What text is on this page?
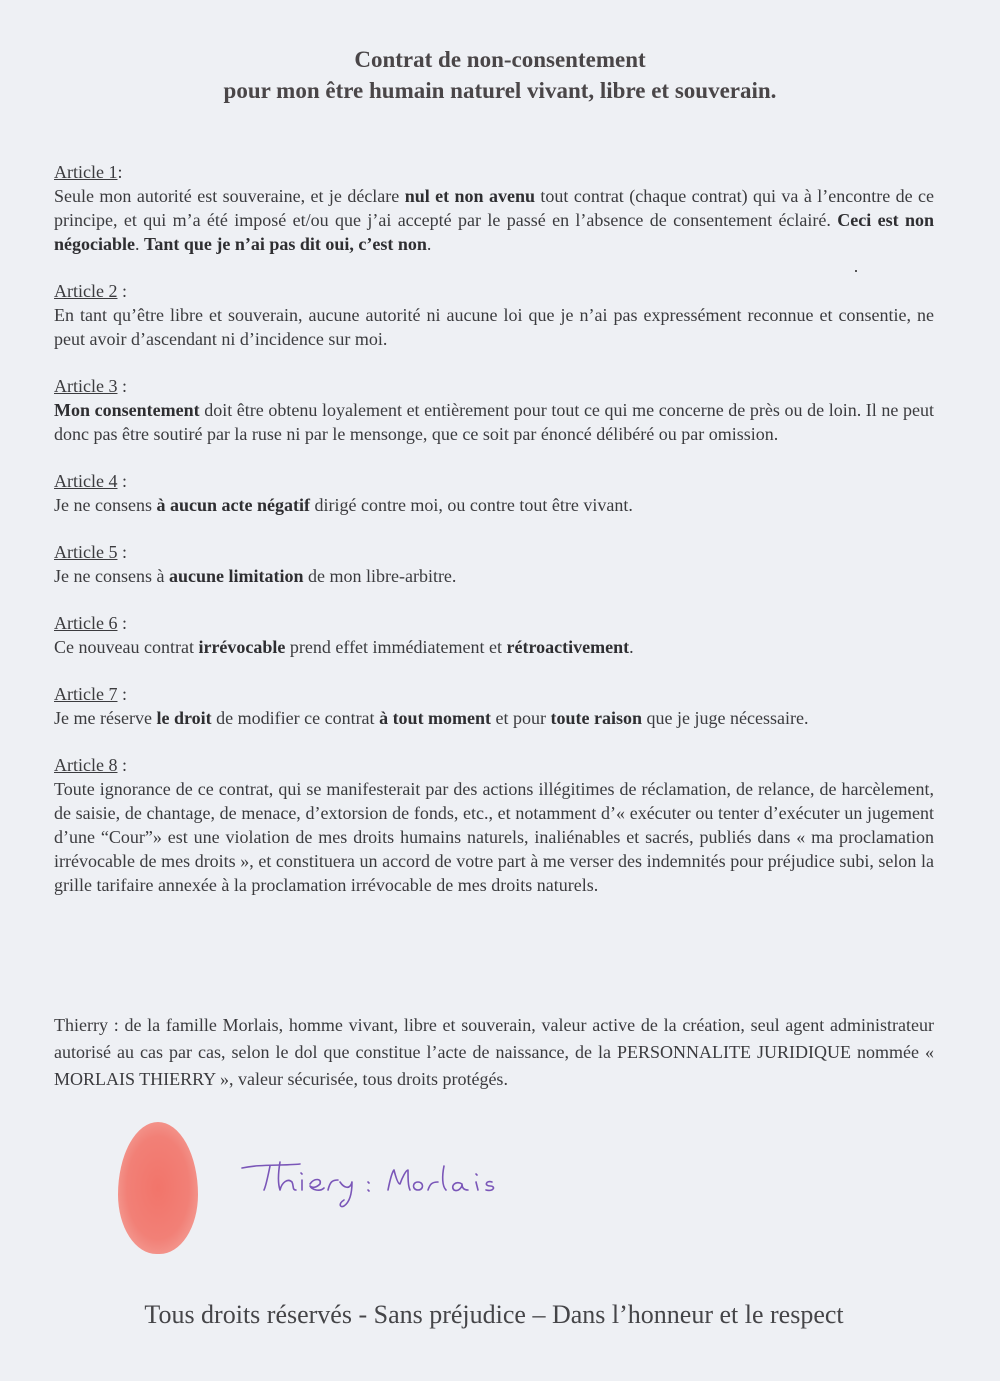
Contrat de non-consentement
pour mon être humain naturel vivant, libre et souverain.
Article 1:
Seule mon autorité est souveraine, et je déclare nul et non avenu tout contrat (chaque contrat) qui va à l’encontre de ce principe, et qui m’a été imposé et/ou que j’ai accepté par le passé en l’absence de consentement éclairé. Ceci est non négociable. Tant que je n’ai pas dit oui, c’est non.
Article 2 :
En tant qu’être libre et souverain, aucune autorité ni aucune loi que je n’ai pas expressément reconnue et consentie, ne peut avoir d’ascendant ni d’incidence sur moi.
Article 3 :
Mon consentement doit être obtenu loyalement et entièrement pour tout ce qui me concerne de près ou de loin. Il ne peut donc pas être soutiré par la ruse ni par le mensonge, que ce soit par énoncé délibéré ou par omission.
Article 4 :
Je ne consens à aucun acte négatif dirigé contre moi, ou contre tout être vivant.
Article 5 :
Je ne consens à aucune limitation de mon libre-arbitre.
Article 6 :
Ce nouveau contrat irrévocable prend effet immédiatement et rétroactivement.
Article 7 :
Je me réserve le droit de modifier ce contrat à tout moment et pour toute raison que je juge nécessaire.
Article 8 :
Toute ignorance de ce contrat, qui se manifesterait par des actions illégitimes de réclamation, de relance, de harcèlement, de saisie, de chantage, de menace, d’extorsion de fonds, etc., et notamment d’« exécuter ou tenter d’exécuter un jugement d’une “Cour”» est une violation de mes droits humains naturels, inaliénables et sacrés, publiés dans « ma proclamation irrévocable de mes droits », et constituera un accord de votre part à me verser des indemnités pour préjudice subi, selon la grille tarifaire annexée à la proclamation irrévocable de mes droits naturels.
Thierry : de la famille Morlais, homme vivant, libre et souverain, valeur active de la création, seul agent administrateur autorisé au cas par cas, selon le dol que constitue l’acte de naissance, de la PERSONNALITE JURIDIQUE nommée « MORLAIS THIERRY », valeur sécurisée, tous droits protégés.
Tous droits réservés - Sans préjudice – Dans l’honneur et le respect
